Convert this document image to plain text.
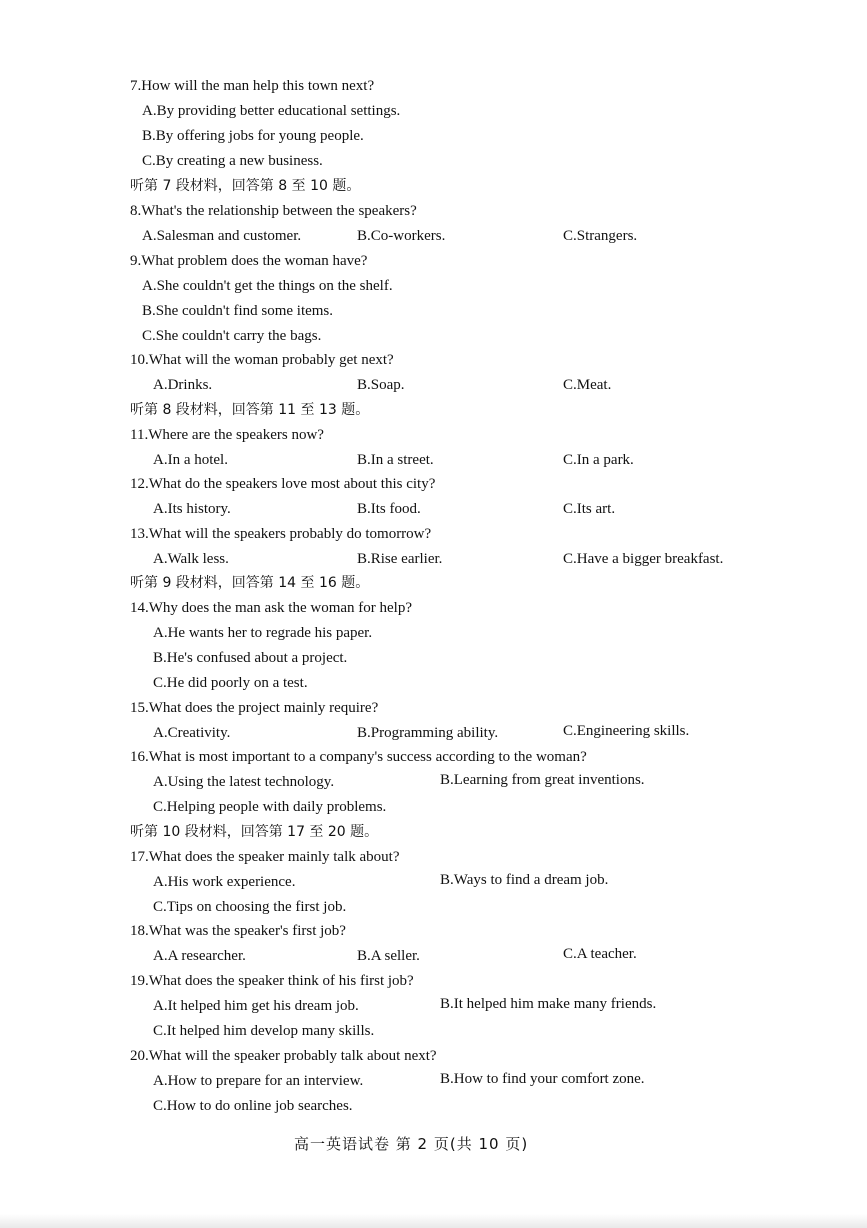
7.How will the man help this town next?
A.By providing better educational settings.
B.By offering jobs for young people.
C.By creating a new business.
听第 7 段材料，回答第 8 至 10 题。
8.What's the relationship between the speakers?
A.Salesman and customer.	B.Co-workers.	C.Strangers.
9.What problem does the woman have?
A.She couldn't get the things on the shelf.
B.She couldn't find some items.
C.She couldn't carry the bags.
10.What will the woman probably get next?
A.Drinks.	B.Soap.	C.Meat.
听第 8 段材料，回答第 11 至 13 题。
11.Where are the speakers now?
A.In a hotel.	B.In a street.	C.In a park.
12.What do the speakers love most about this city?
A.Its history.	B.Its food.	C.Its art.
13.What will the speakers probably do tomorrow?
A.Walk less.	B.Rise earlier.	C.Have a bigger breakfast.
听第 9 段材料，回答第 14 至 16 题。
14.Why does the man ask the woman for help?
A.He wants her to regrade his paper.
B.He's confused about a project.
C.He did poorly on a test.
15.What does the project mainly require?
A.Creativity.	B.Programming ability.	C.Engineering skills.
16.What is most important to a company's success according to the woman?
A.Using the latest technology.	B.Learning from great inventions.
C.Helping people with daily problems.
听第 10 段材料，回答第 17 至 20 题。
17.What does the speaker mainly talk about?
A.His work experience.	B.Ways to find a dream job.
C.Tips on choosing the first job.
18.What was the speaker's first job?
A.A researcher.	B.A seller.	C.A teacher.
19.What does the speaker think of his first job?
A.It helped him get his dream job.	B.It helped him make many friends.
C.It helped him develop many skills.
20.What will the speaker probably talk about next?
A.How to prepare for an interview.	B.How to find your comfort zone.
C.How to do online job searches.
高一英语试卷 第 2 页(共 10 页)
